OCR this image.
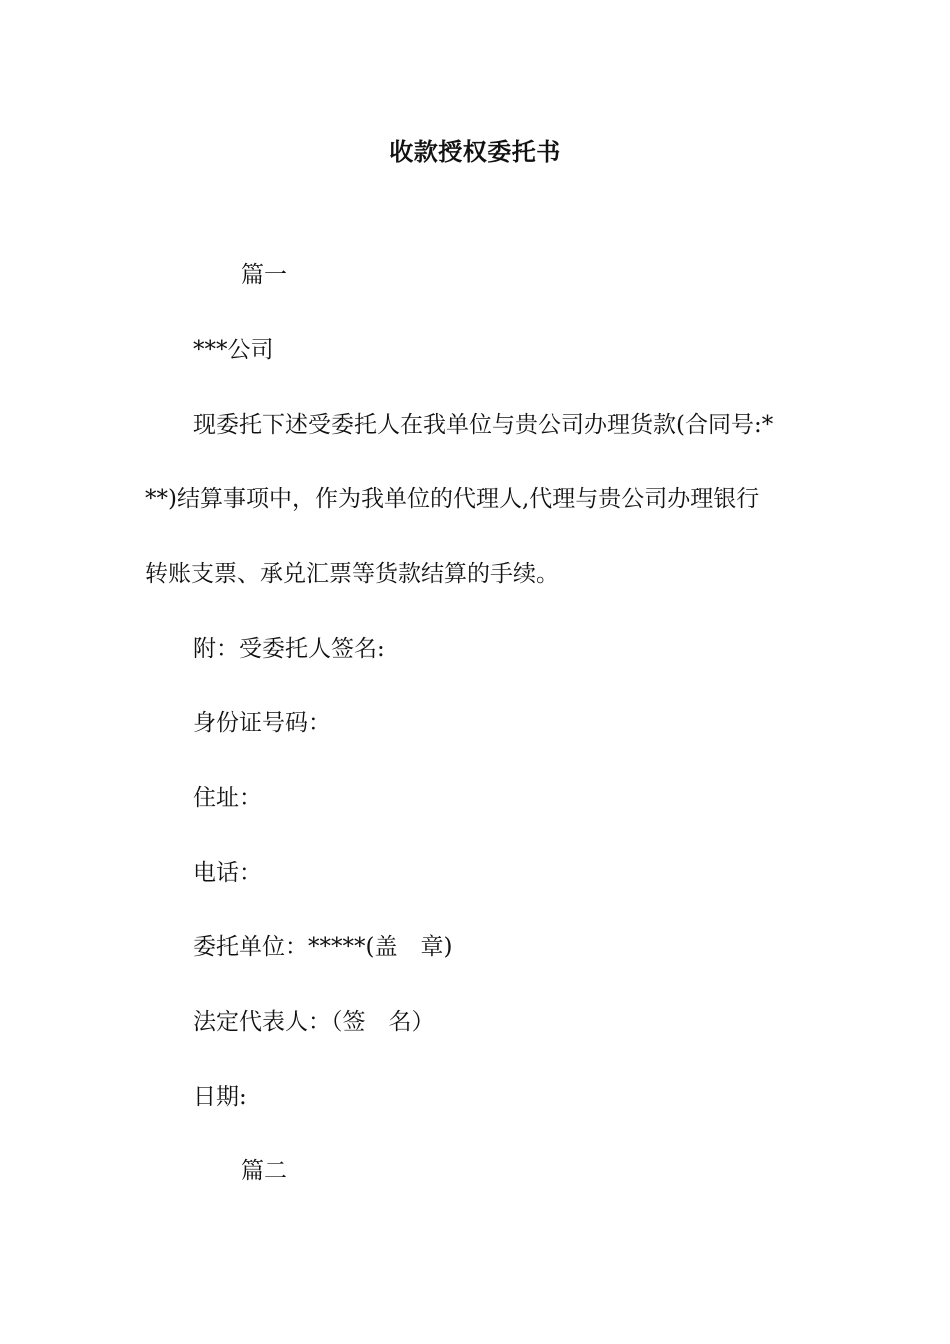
收款授权委托书
篇一
***公司
现委托下述受委托人在我单位与贵公司办理货款(合同号:*
**)结算事项中，作为我单位的代理人,代理与贵公司办理银行
转账支票、承兑汇票等货款结算的手续。
附：受委托人签名:
身份证号码：
住址：
电话：
委托单位：*****(盖　章)
法定代表人：（签　名）
日期:
篇二
